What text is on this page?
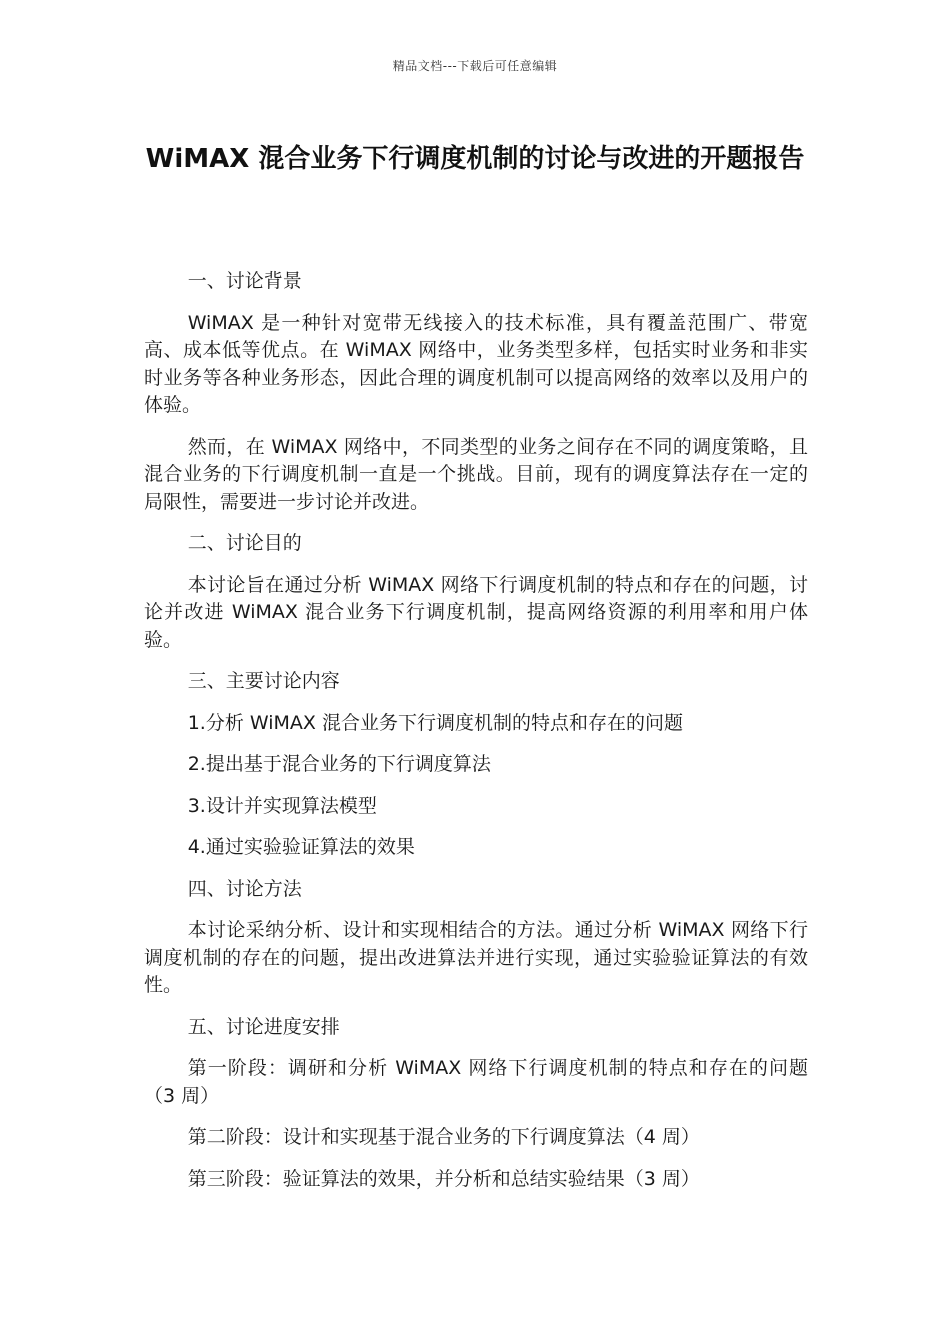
精品文档---下载后可任意编辑
WiMAX 混合业务下行调度机制的讨论与改进的开题报告

一、讨论背景

WiMAX 是一种针对宽带无线接入的技术标准，具有覆盖范围广、带宽高、成本低等优点。在 WiMAX 网络中，业务类型多样，包括实时业务和非实时业务等各种业务形态，因此合理的调度机制可以提高网络的效率以及用户的体验。

然而，在 WiMAX 网络中，不同类型的业务之间存在不同的调度策略，且混合业务的下行调度机制一直是一个挑战。目前，现有的调度算法存在一定的局限性，需要进一步讨论并改进。

二、讨论目的

本讨论旨在通过分析 WiMAX 网络下行调度机制的特点和存在的问题，讨论并改进 WiMAX 混合业务下行调度机制，提高网络资源的利用率和用户体验。

三、主要讨论内容

1.分析 WiMAX 混合业务下行调度机制的特点和存在的问题

2.提出基于混合业务的下行调度算法

3.设计并实现算法模型

4.通过实验验证算法的效果

四、讨论方法

本讨论采纳分析、设计和实现相结合的方法。通过分析 WiMAX 网络下行调度机制的存在的问题，提出改进算法并进行实现，通过实验验证算法的有效性。

五、讨论进度安排

第一阶段：调研和分析 WiMAX 网络下行调度机制的特点和存在的问题（3 周）

第二阶段：设计和实现基于混合业务的下行调度算法（4 周）

第三阶段：验证算法的效果，并分析和总结实验结果（3 周）
